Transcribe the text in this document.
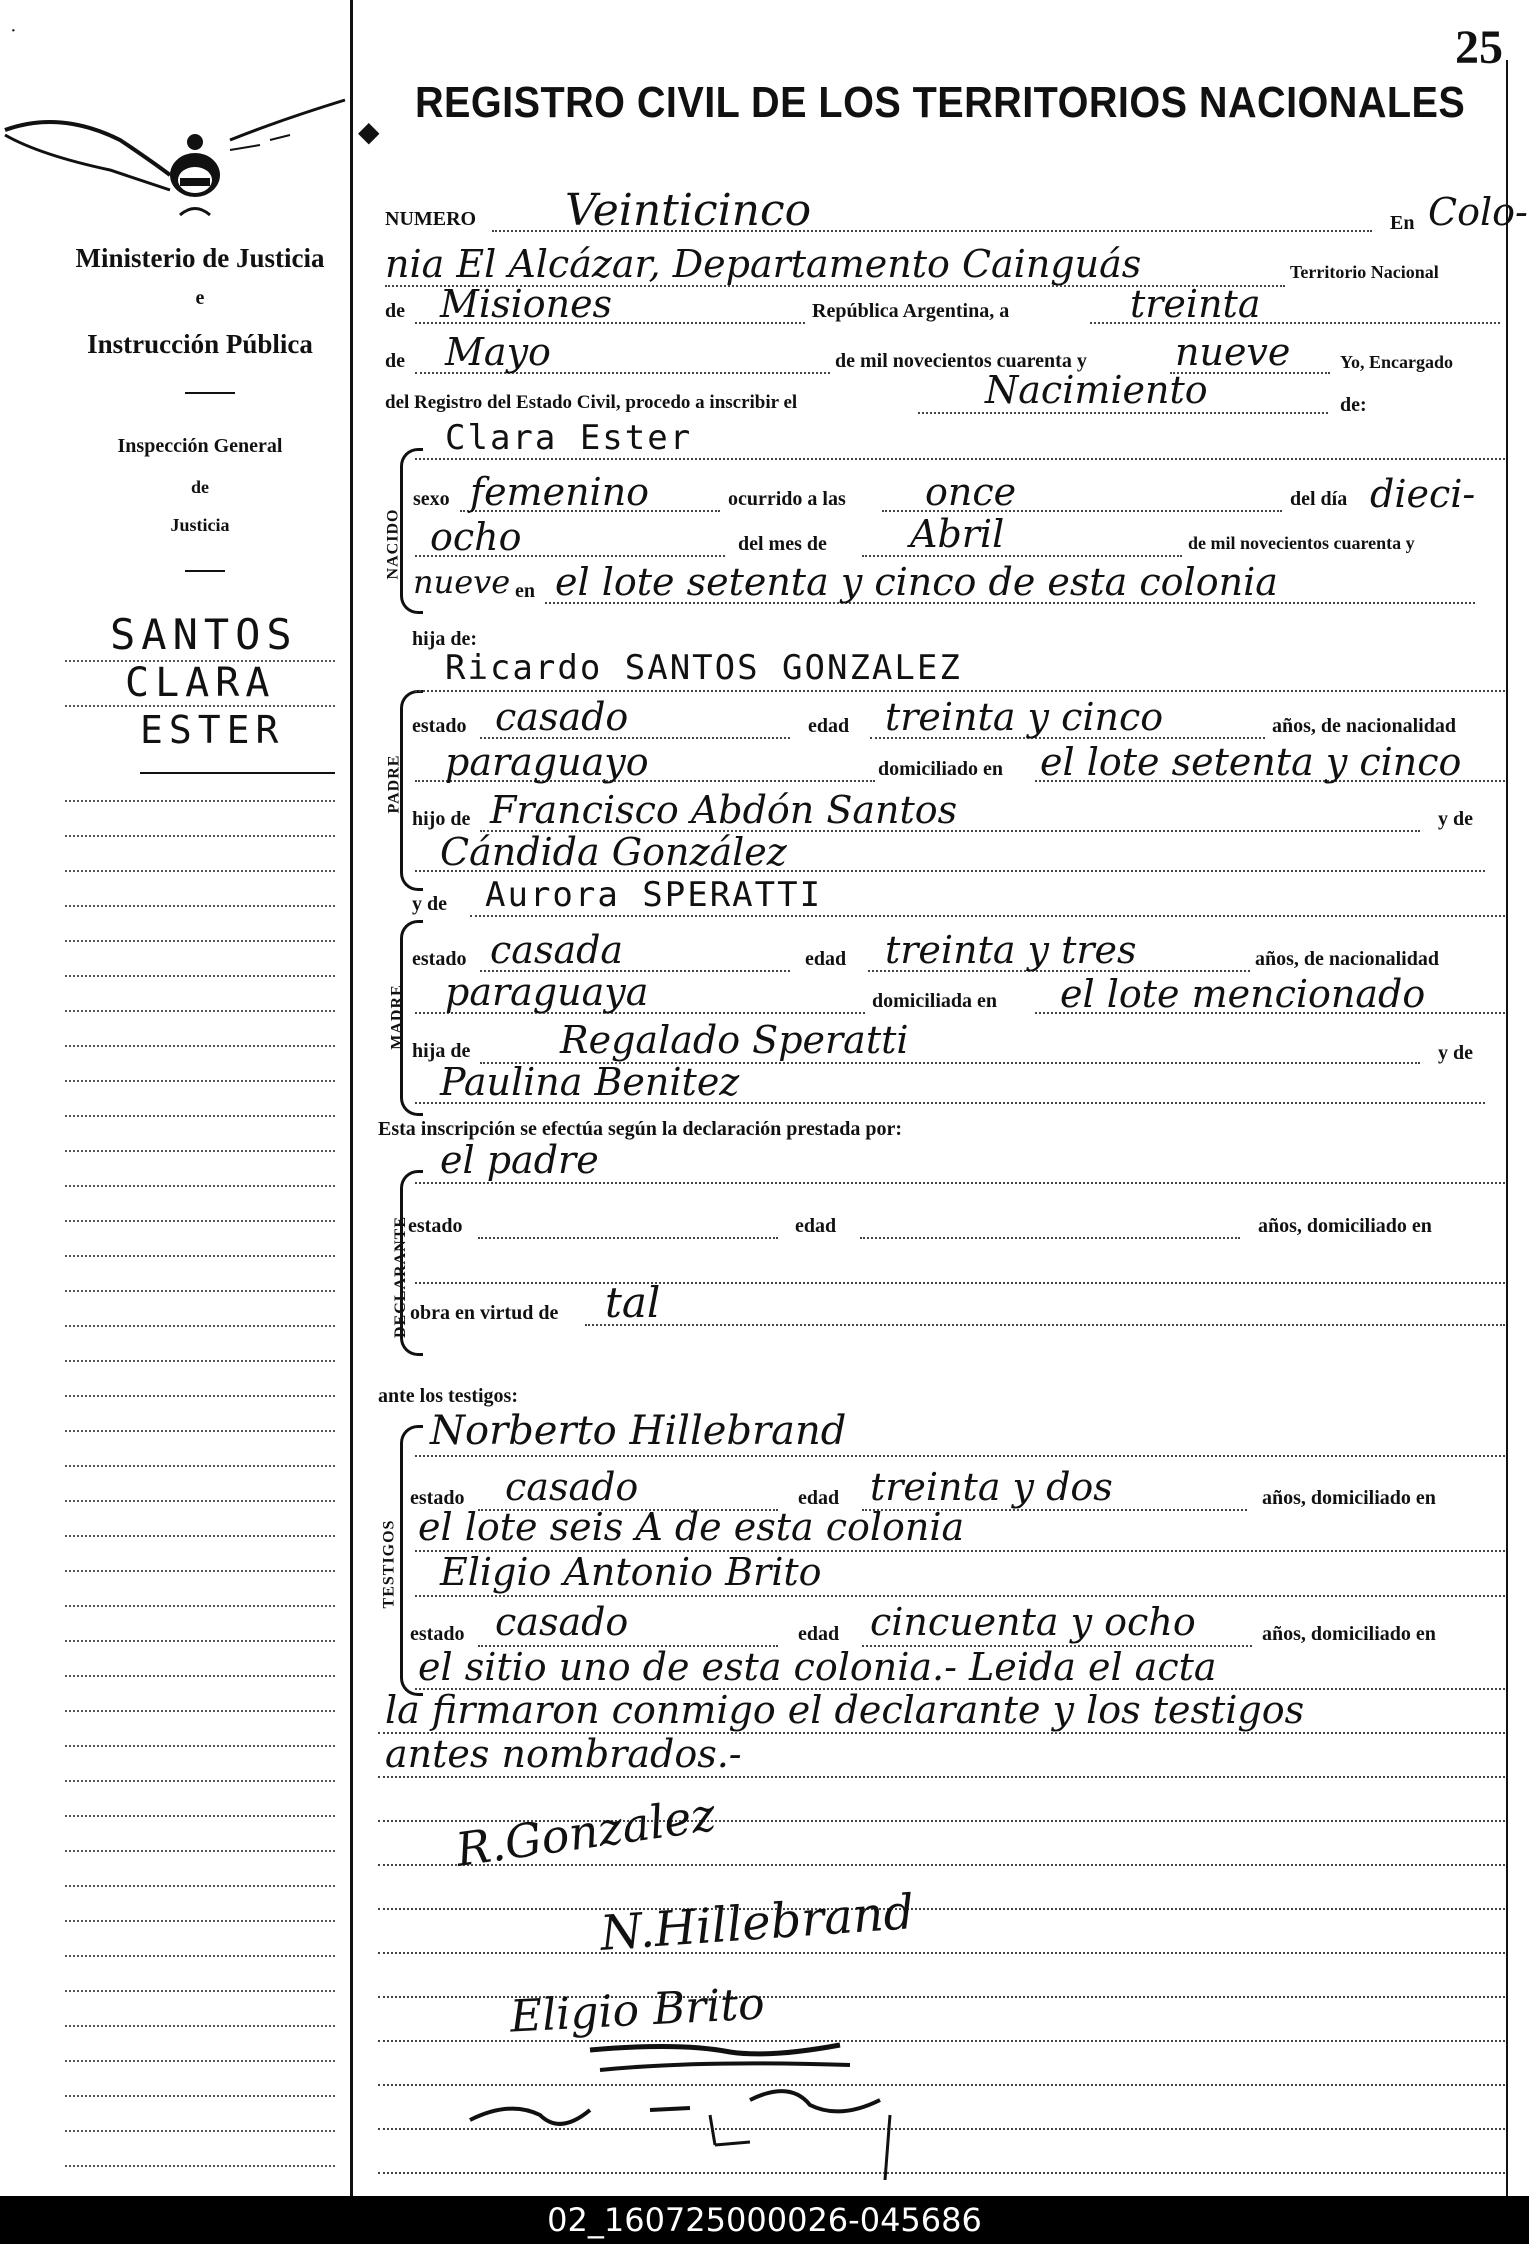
·
Ministerio de Justicia
e
Instrucción Pública
Inspección General
de
Justicia
SANTOS
CLARA
ESTER
25
REGISTRO CIVIL DE LOS TERRITORIOS NACIONALES
◆
NUMERO Veinticinco	En Colo-
nia El Alcázar, Departamento Cainguás	Territorio Nacional
de Misiones	República Argentina, a	treinta
de Mayo	de mil novecientos cuarenta y nueve	Yo, Encargado
del Registro del Estado Civil, procedo a inscribir el	Nacimiento	de:
NACIDO
Clara Ester
sexo femenino	ocurrido a las once	del día dieci-
ocho	del mes de Abril	de mil novecientos cuarenta y
nueve en el lote setenta y cinco de esta colonia
hija de:
PADRE
Ricardo SANTOS GONZALEZ
estado casado	edad treinta y cinco	años, de nacionalidad
paraguayo	domiciliado en el lote setenta y cinco
hijo de Francisco Abdón Santos	y de
Cándida González
MADRE
y de Aurora SPERATTI
estado casada	edad treinta y tres	años, de nacionalidad
paraguaya	domiciliada en el lote mencionado
hija de Regalado Speratti	y de
Paulina Benitez
Esta inscripción se efectúa según la declaración prestada por:
DECLARANTE
el padre
estado	edad	años, domiciliado en
obra en virtud de tal
ante los testigos:
TESTIGOS
Norberto Hillebrand
estado casado	edad treinta y dos	años, domiciliado en
el lote seis A de esta colonia
Eligio Antonio Brito
estado casado	edad cincuenta y ocho	años, domiciliado en
el sitio uno de esta colonia.- Leida el acta
la firmaron conmigo el declarante y los testigos
antes nombrados.-
R.Gonzalez
N.Hillebrand
Eligio Brito
02_160725000026-045686
